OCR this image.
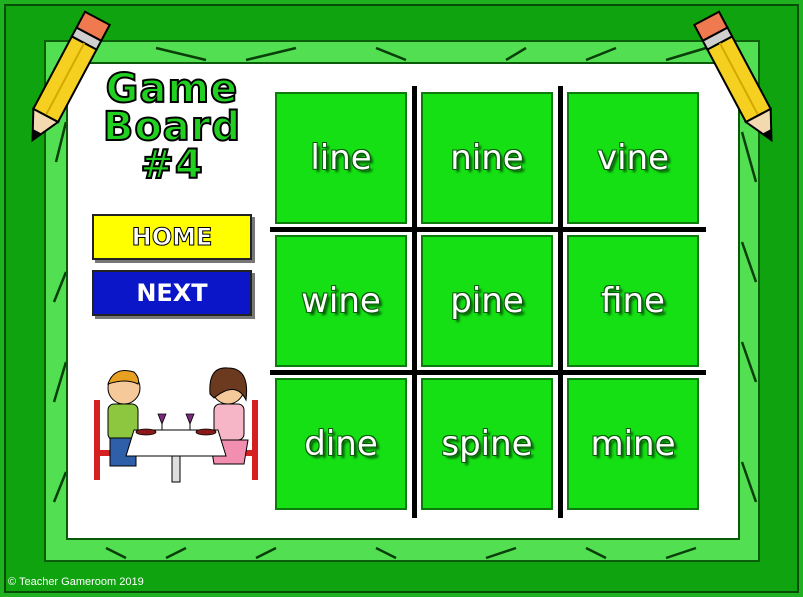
Game
Board
#4
HOME
NEXT
line	nine	vine
wine	pine	fine
dine	spine	mine
© Teacher Gameroom 2019
